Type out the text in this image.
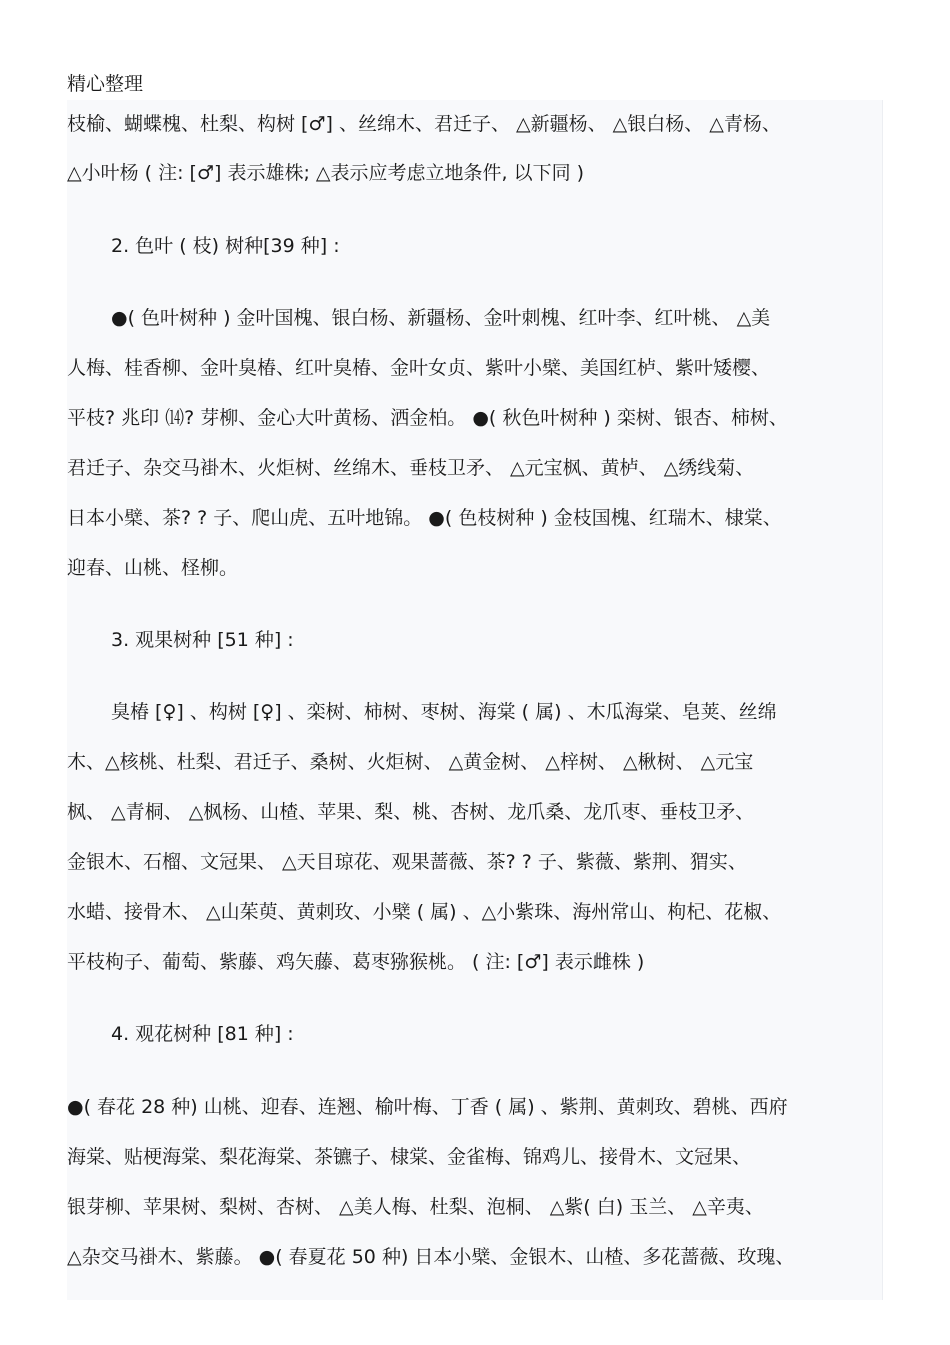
精心整理
枝榆、蝴蝶槐、杜梨、构树 [♂] 、丝绵木、君迁子、 △新疆杨、 △银白杨、 △青杨、
△小叶杨 ( 注: [♂] 表示雄株; △表示应考虑立地条件, 以下同 )
2. 色叶 ( 枝) 树种[39 种] :
●( 色叶树种 ) 金叶国槐、银白杨、新疆杨、金叶刺槐、红叶李、红叶桃、 △美
人梅、桂香柳、金叶臭椿、红叶臭椿、金叶女贞、紫叶小檗、美国红栌、紫叶矮樱、
平枝? 兆印 ⒁? 芽柳、金心大叶黄杨、洒金柏。 ●( 秋色叶树种 ) 栾树、银杏、柿树、
君迁子、杂交马褂木、火炬树、丝绵木、垂枝卫矛、 △元宝枫、黄栌、 △绣线菊、
日本小檗、茶? ? 子、爬山虎、五叶地锦。 ●( 色枝树种 ) 金枝国槐、红瑞木、棣棠、
迎春、山桃、柽柳。
3. 观果树种 [51 种] :
臭椿 [♀] 、构树 [♀] 、栾树、柿树、枣树、海棠 ( 属) 、木瓜海棠、皂荚、丝绵
木、△核桃、杜梨、君迁子、桑树、火炬树、 △黄金树、 △梓树、 △楸树、 △元宝
枫、 △青桐、 △枫杨、山楂、苹果、梨、桃、杏树、龙爪桑、龙爪枣、垂枝卫矛、
金银木、石榴、文冠果、 △天目琼花、观果蔷薇、茶? ? 子、紫薇、紫荆、猬实、
水蜡、接骨木、 △山茱萸、黄刺玫、小檗 ( 属) 、△小紫珠、海州常山、枸杞、花椒、
平枝枸子、葡萄、紫藤、鸡矢藤、葛枣猕猴桃。 ( 注: [♂] 表示雌株 )
4. 观花树种 [81 种] :
●( 春花 28 种) 山桃、迎春、连翘、榆叶梅、丁香 ( 属) 、紫荆、黄刺玫、碧桃、西府
海棠、贴梗海棠、梨花海棠、茶镳子、棣棠、金雀梅、锦鸡儿、接骨木、文冠果、
银芽柳、苹果树、梨树、杏树、 △美人梅、杜梨、泡桐、 △紫( 白) 玉兰、 △辛夷、
△杂交马褂木、紫藤。 ●( 春夏花 50 种) 日本小檗、金银木、山楂、多花蔷薇、玫瑰、
